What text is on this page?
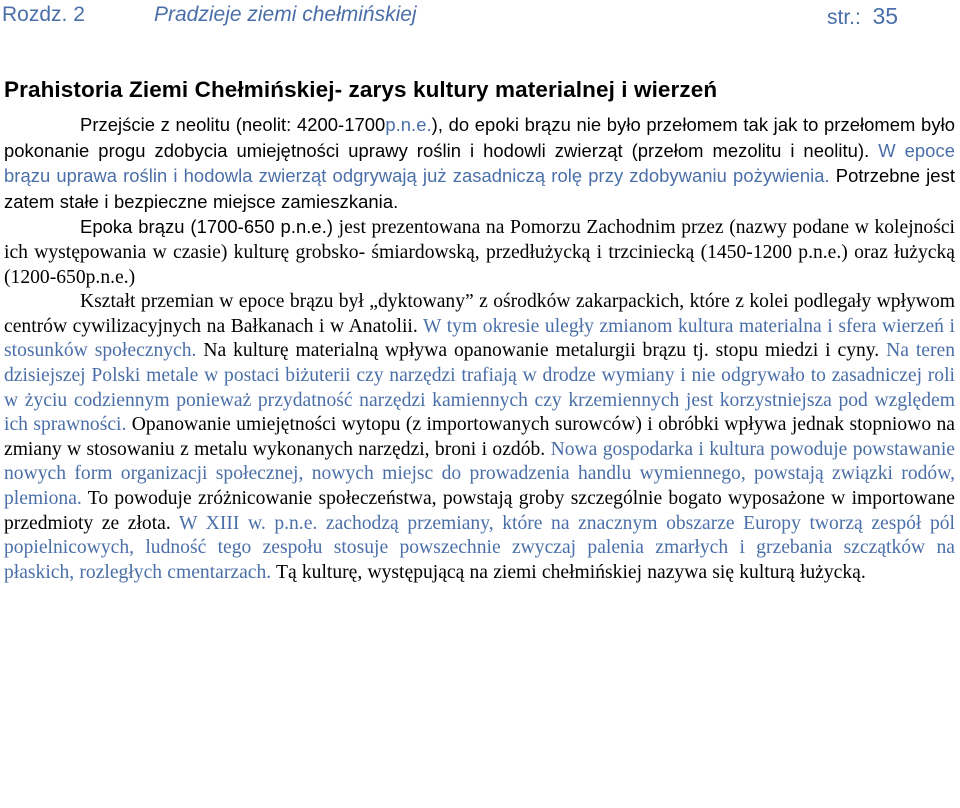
Rozdz. 2	Pradzieje ziemi chełmińskiej	str.: 35
Prahistoria Ziemi Chełmińskiej- zarys kultury materialnej i wierzeń

Przejście z neolitu (neolit: 4200-1700p.n.e.), do epoki brązu nie było przełomem tak jak to przełomem było pokonanie progu zdobycia umiejętności uprawy roślin i hodowli zwierząt (przełom mezolitu i neolitu). W epoce brązu uprawa roślin i hodowla zwierząt odgrywają już zasadniczą rolę przy zdobywaniu pożywienia. Potrzebne jest zatem stałe i bezpieczne miejsce zamieszkania.

Epoka brązu (1700-650 p.n.e.) jest prezentowana na Pomorzu Zachodnim przez (nazwy podane w kolejności ich występowania w czasie) kulturę grobsko- śmiardowską, przedłużycką i trzciniecką (1450-1200 p.n.e.) oraz łużycką (1200-650p.n.e.)

Kształt przemian w epoce brązu był „dyktowany” z ośrodków zakarpackich, które z kolei podlegały wpływom centrów cywilizacyjnych na Bałkanach i w Anatolii. W tym okresie uległy zmianom kultura materialna i sfera wierzeń i stosunków społecznych. Na kulturę materialną wpływa opanowanie metalurgii brązu tj. stopu miedzi i cyny. Na teren dzisiejszej Polski metale w postaci biżuterii czy narzędzi trafiają w drodze wymiany i nie odgrywało to zasadniczej roli w życiu codziennym ponieważ przydatność narzędzi kamiennych czy krzemiennych jest korzystniejsza pod względem ich sprawności. Opanowanie umiejętności wytopu (z importowanych surowców) i obróbki wpływa jednak stopniowo na zmiany w stosowaniu z metalu wykonanych narzędzi, broni i ozdób. Nowa gospodarka i kultura powoduje powstawanie nowych form organizacji społecznej, nowych miejsc do prowadzenia handlu wymiennego, powstają związki rodów, plemiona. To powoduje zróżnicowanie społeczeństwa, powstają groby szczególnie bogato wyposażone w importowane przedmioty ze złota. W XIII w. p.n.e. zachodzą przemiany, które na znacznym obszarze Europy tworzą zespół pól popielnicowych, ludność tego zespołu stosuje powszechnie zwyczaj palenia zmarłych i grzebania szczątków na płaskich, rozległych cmentarzach. Tą kulturę, występującą na ziemi chełmińskiej nazywa się kulturą łużycką.
